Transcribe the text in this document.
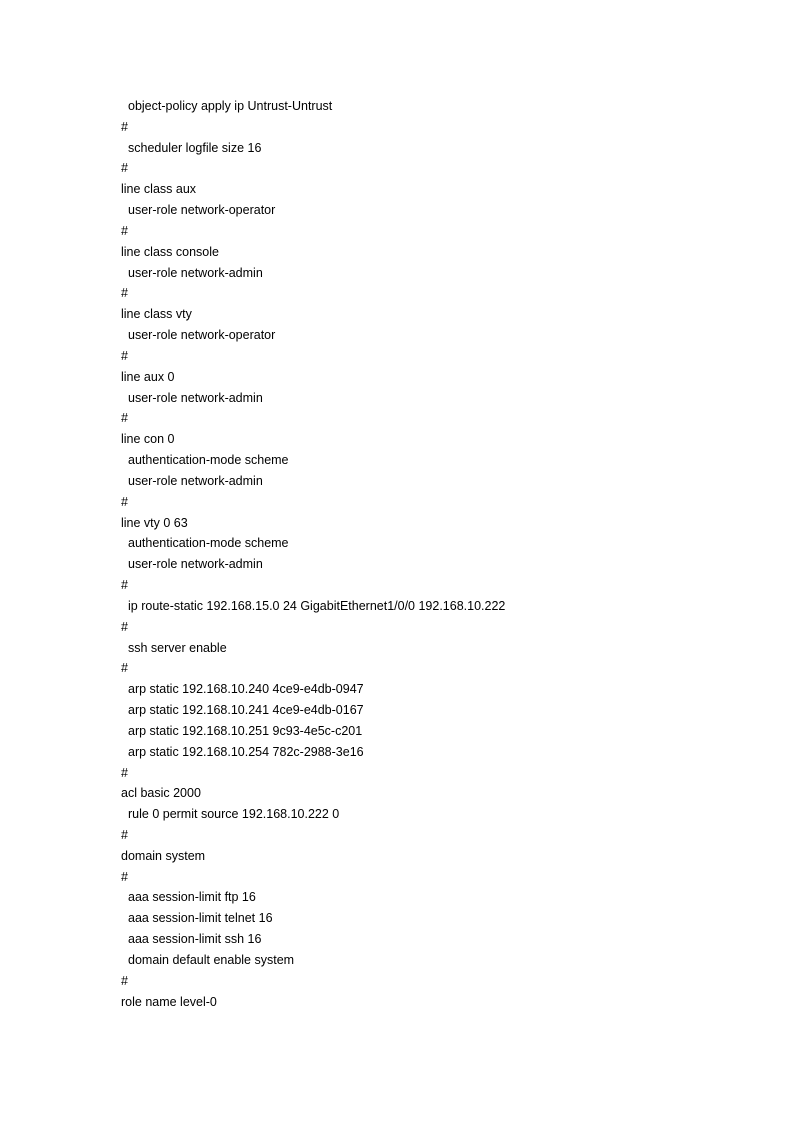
object-policy apply ip Untrust-Untrust
#
scheduler logfile size 16
#
line class aux
user-role network-operator
#
line class console
user-role network-admin
#
line class vty
user-role network-operator
#
line aux 0
user-role network-admin
#
line con 0
authentication-mode scheme
user-role network-admin
#
line vty 0 63
authentication-mode scheme
user-role network-admin
#
ip route-static 192.168.15.0 24 GigabitEthernet1/0/0 192.168.10.222
#
ssh server enable
#
arp static 192.168.10.240 4ce9-e4db-0947
arp static 192.168.10.241 4ce9-e4db-0167
arp static 192.168.10.251 9c93-4e5c-c201
arp static 192.168.10.254 782c-2988-3e16
#
acl basic 2000
rule 0 permit source 192.168.10.222 0
#
domain system
#
aaa session-limit ftp 16
aaa session-limit telnet 16
aaa session-limit ssh 16
domain default enable system
#
role name level-0
